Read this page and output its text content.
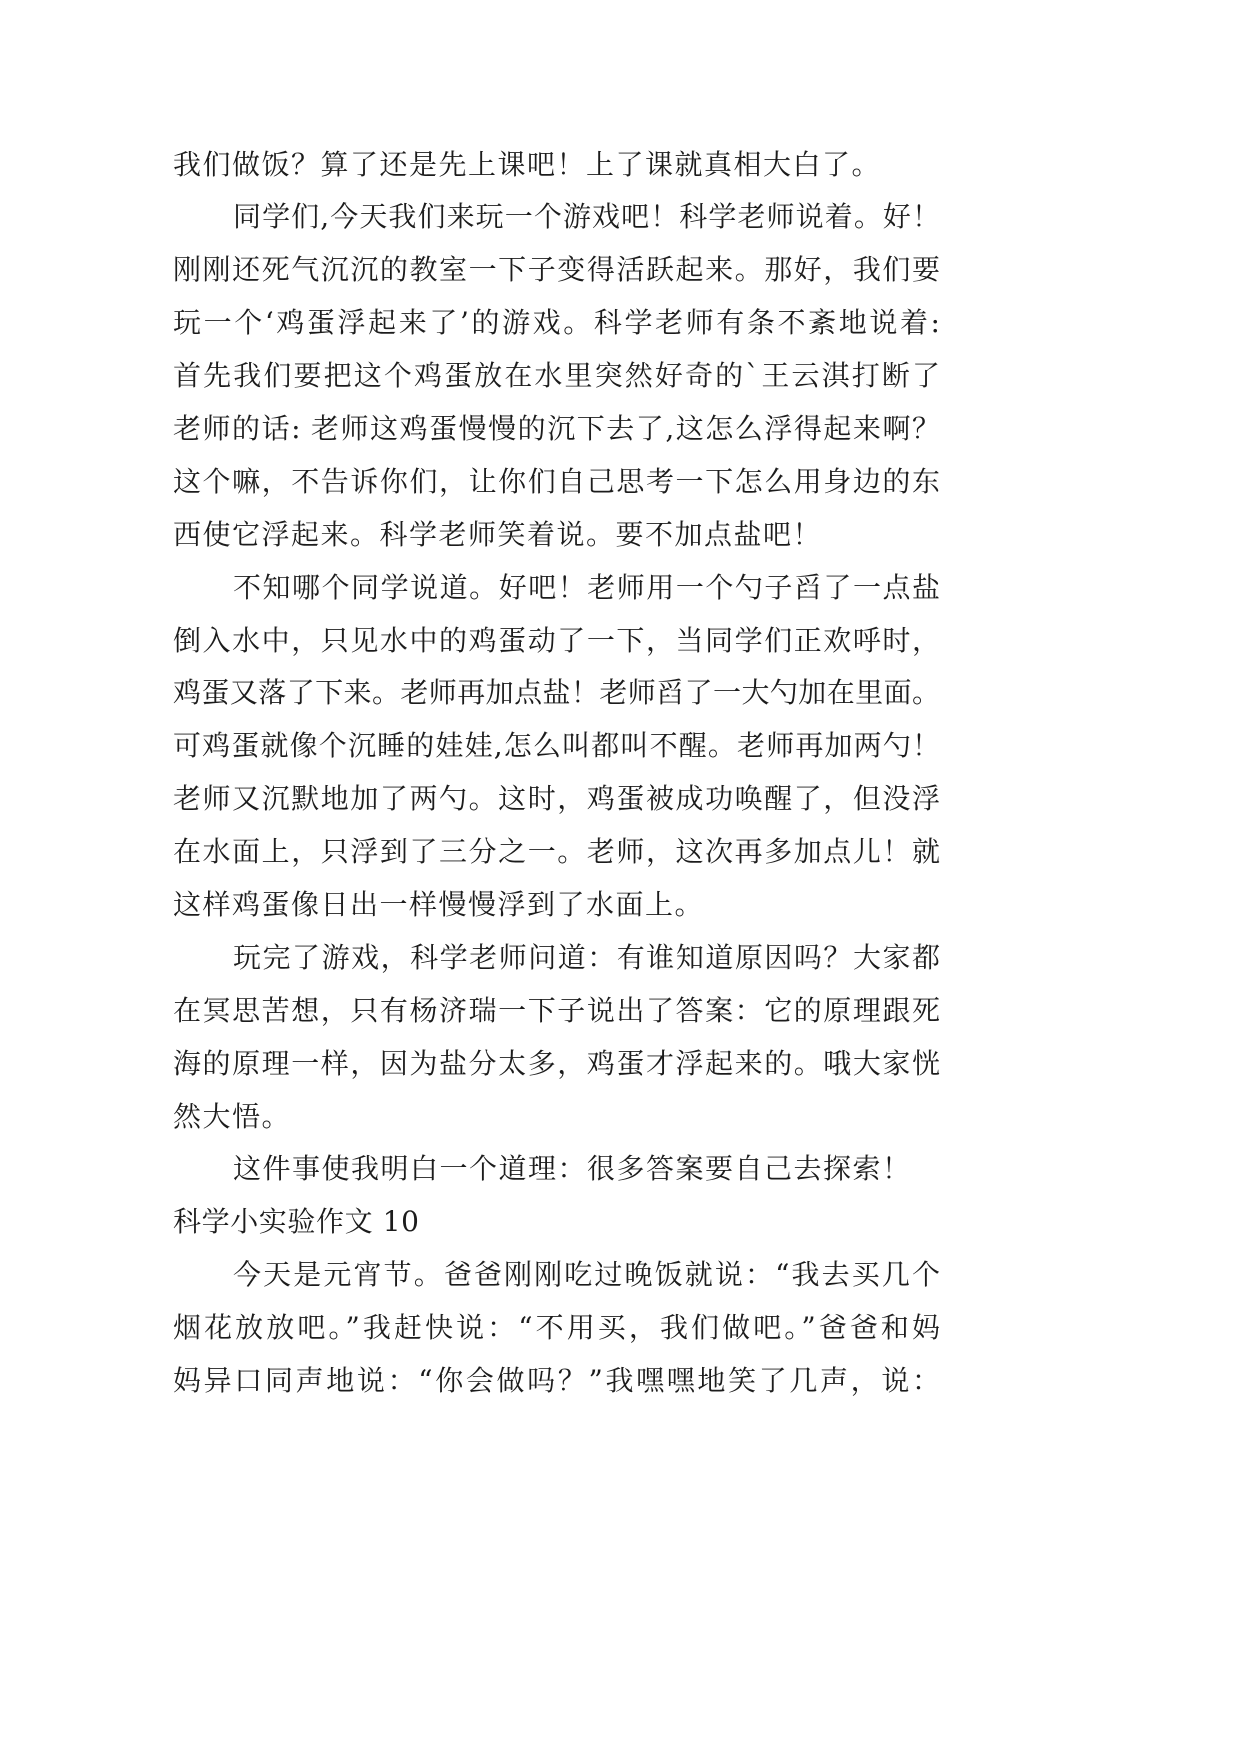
我们做饭？算了还是先上课吧！上了课就真相大白了。
同学们,今天我们来玩一个游戏吧！科学老师说着。好！
刚刚还死气沉沉的教室一下子变得活跃起来。那好，我们要
玩一个‘鸡蛋浮起来了’的游戏。科学老师有条不紊地说着:
首先我们要把这个鸡蛋放在水里突然好奇的`王云淇打断了
老师的话: 老师这鸡蛋慢慢的沉下去了,这怎么浮得起来啊？
这个嘛，不告诉你们，让你们自己思考一下怎么用身边的东
西使它浮起来。科学老师笑着说。要不加点盐吧！
不知哪个同学说道。好吧！老师用一个勺子舀了一点盐
倒入水中，只见水中的鸡蛋动了一下，当同学们正欢呼时，
鸡蛋又落了下来。老师再加点盐！老师舀了一大勺加在里面。
可鸡蛋就像个沉睡的娃娃,怎么叫都叫不醒。老师再加两勺！
老师又沉默地加了两勺。这时，鸡蛋被成功唤醒了，但没浮
在水面上，只浮到了三分之一。老师，这次再多加点儿！就
这样鸡蛋像日出一样慢慢浮到了水面上。
玩完了游戏，科学老师问道：有谁知道原因吗？大家都
在冥思苦想，只有杨济瑞一下子说出了答案：它的原理跟死
海的原理一样，因为盐分太多，鸡蛋才浮起来的。哦大家恍
然大悟。
这件事使我明白一个道理：很多答案要自己去探索！
科学小实验作文 10
今天是元宵节。爸爸刚刚吃过晚饭就说：“我去买几个
烟花放放吧。”我赶快说：“不用买，我们做吧。”爸爸和妈
妈异口同声地说：“你会做吗？”我嘿嘿地笑了几声，说：
